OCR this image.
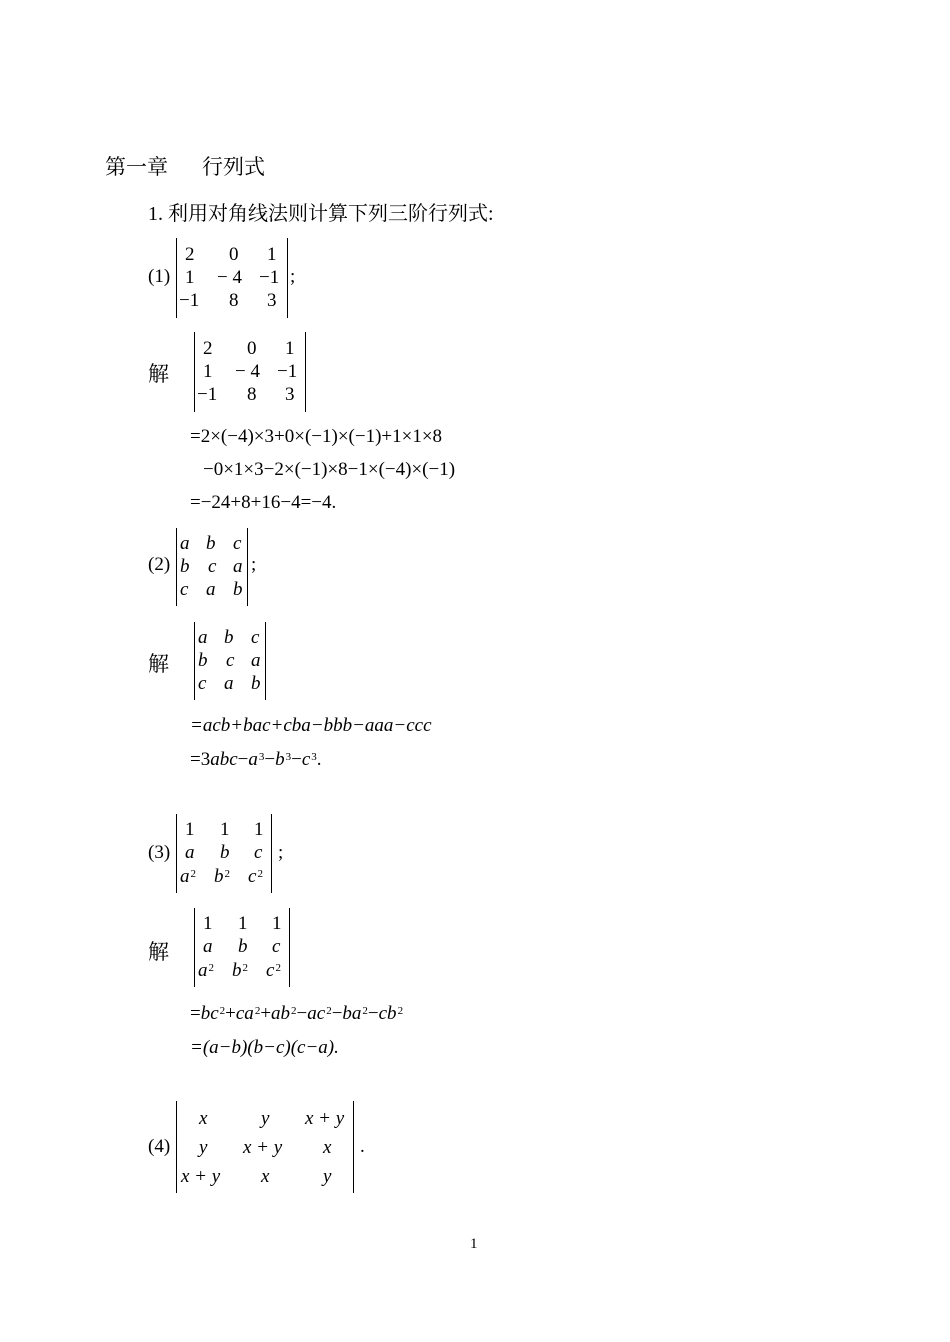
第一章 行列式
1. 利用对角线法则计算下列三阶行列式:
(1)
2 0 1
1 − 4 −1
−1 8 3
;
解
2 0 1
1 − 4 −1
−1 8 3
=2×(−4)×3+0×(−1)×(−1)+1×1×8
−0×1×3−2×(−1)×8−1×(−4)×(−1)
=−24+8+16−4=−4.
(2)
a b c
b c a
c a b
;
解
a b c
b c a
c a b
=acb+bac+cba−bbb−aaa−ccc
$=3abc-a^3-b^3-c^3$.
(3)
1 1 1
a b c
$a^2$ $b^2$ $c^2$
;
解
1 1 1
a b c
$a^2$ $b^2$ $c^2$
$=bc^2+ca^2+ab^2-ac^2-ba^2-cb^2$
=(a−b)(b−c)(c−a).
(4)
x	y x + y
y x + y x
x + y x	y
.
1
